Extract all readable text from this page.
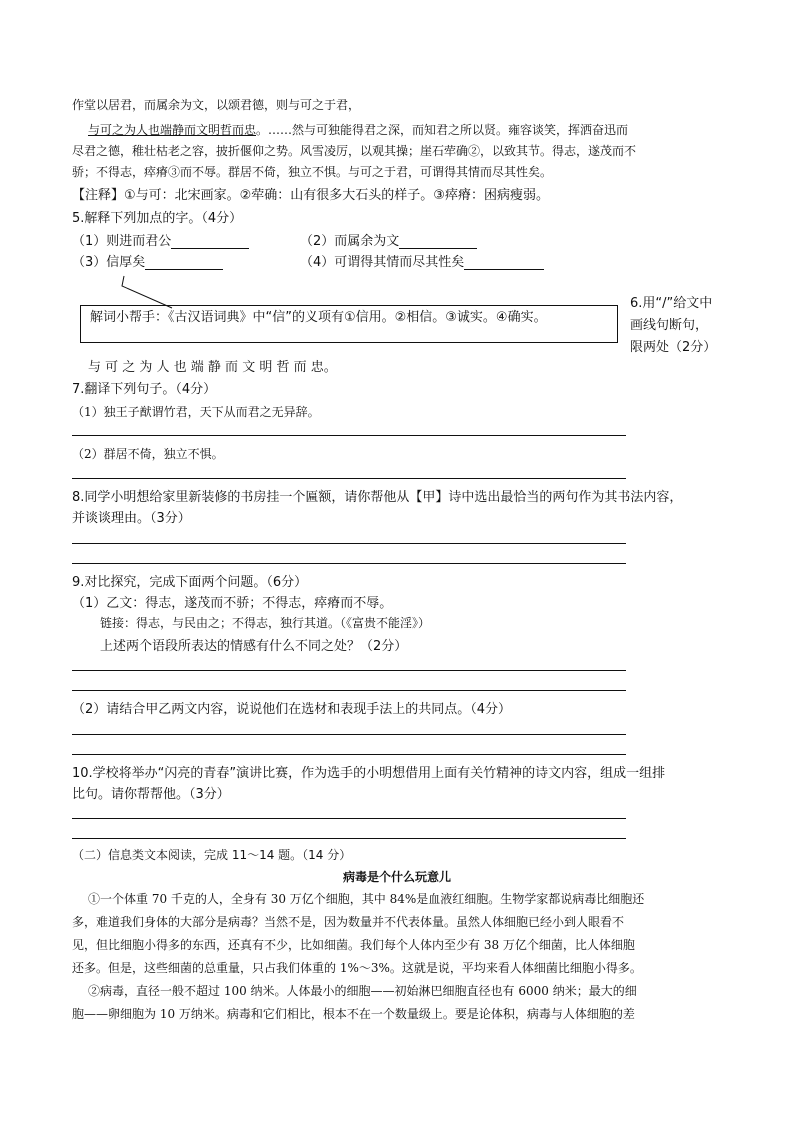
作堂以居君，而属余为文，以颂君德，则与可之于君，
与可之为人也端静而文明哲而忠。……然与可独能得君之深，而知君之所以贤。雍容谈笑，挥洒奋迅而
尽君之德，稚壮枯老之容，披折偃仰之势。风雪凌厉，以观其操；崖石荦确②，以致其节。得志，遂茂而不
骄；不得志，瘁瘠③而不辱。群居不倚，独立不惧。与可之于君，可谓得其情而尽其性矣。
【注释】①与可：北宋画家。②荦确：山有很多大石头的样子。③瘁瘠：困病瘦弱。
5.解释下列加点的字。（4分）
（1）则进而君公	（2）而属余为文
（3）信厚矣	（4）可谓得其情而尽其性矣
解词小帮手：《古汉语词典》中“信”的义项有①信用。②相信。③诚实。④确实。
6.用“/”给文中
画线句断句，
限两处（2分）
与 可 之 为 人 也 端 静 而 文 明 哲 而 忠。
7.翻译下列句子。（4分）
（1）独王子猷谓竹君，天下从而君之无异辞。
（2）群居不倚，独立不惧。
8.同学小明想给家里新装修的书房挂一个匾额，请你帮他从【甲】诗中选出最恰当的两句作为其书法内容，
并谈谈理由。（3分）
9.对比探究，完成下面两个问题。（6分）
（1）乙文：得志，遂茂而不骄；不得志，瘁瘠而不辱。
链接：得志，与民由之；不得志，独行其道。（《富贵不能淫》）
上述两个语段所表达的情感有什么不同之处？（2分）
（2）请结合甲乙两文内容，说说他们在选材和表现手法上的共同点。（4分）
10.学校将举办“闪亮的青春”演讲比赛，作为选手的小明想借用上面有关竹精神的诗文内容，组成一组排
比句。请你帮帮他。（3分）
（二）信息类文本阅读，完成 11～14 题。（14 分）
病毒是个什么玩意儿
①一个体重 70 千克的人，全身有 30 万亿个细胞，其中 84%是血液红细胞。生物学家都说病毒比细胞还
多，难道我们身体的大部分是病毒？当然不是，因为数量并不代表体量。虽然人体细胞已经小到人眼看不
见，但比细胞小得多的东西，还真有不少，比如细菌。我们每个人体内至少有 38 万亿个细菌，比人体细胞
还多。但是，这些细菌的总重量，只占我们体重的 1%～3%。这就是说，平均来看人体细菌比细胞小得多。
②病毒，直径一般不超过 100 纳米。人体最小的细胞——初始淋巴细胞直径也有 6000 纳米；最大的细
胞——卵细胞为 10 万纳米。病毒和它们相比，根本不在一个数量级上。要是论体积，病毒与人体细胞的差
